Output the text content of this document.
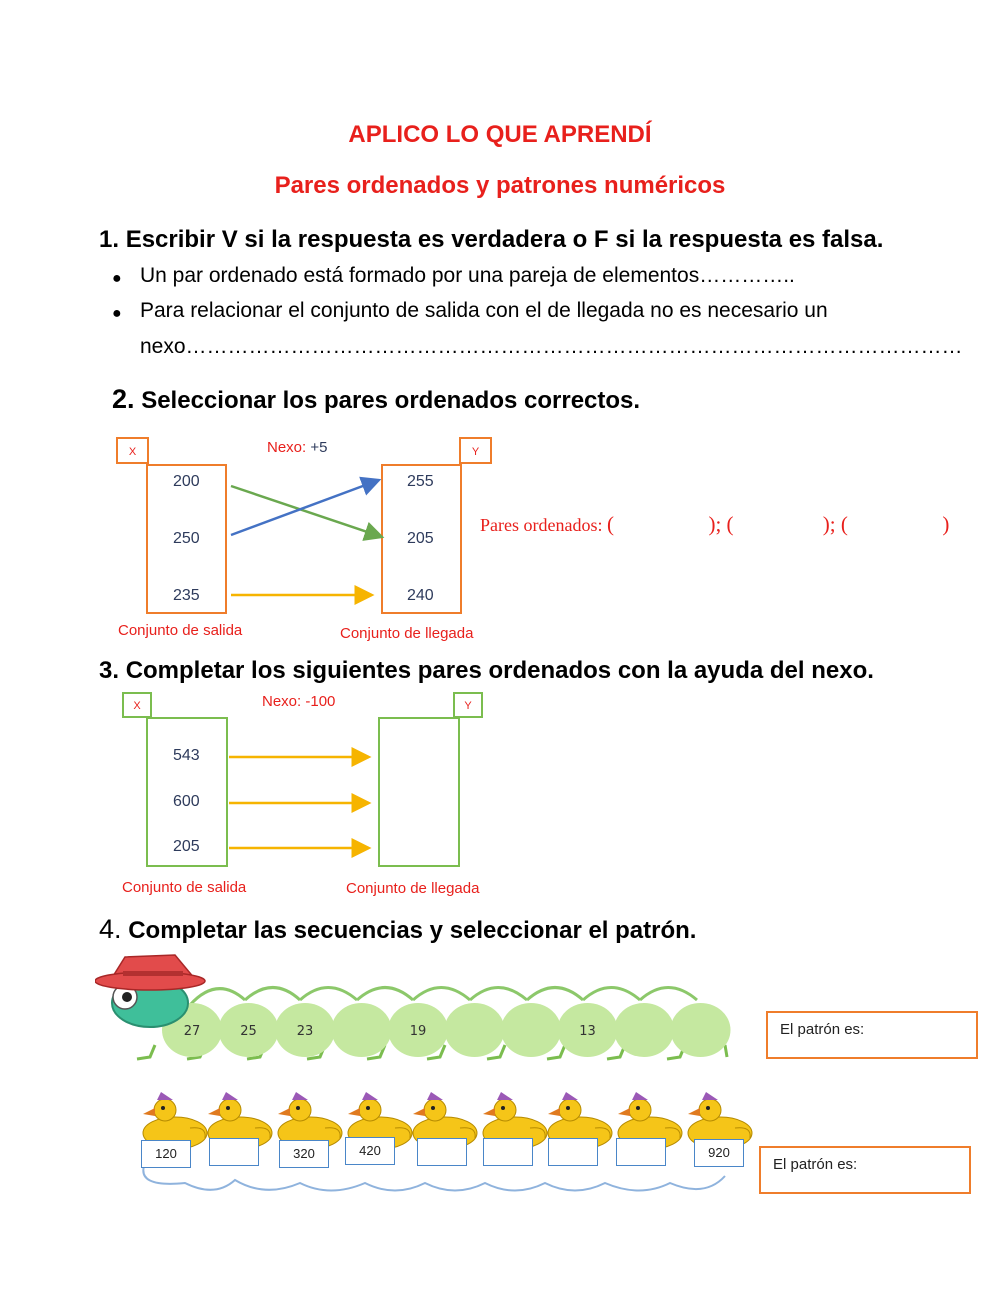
APLICO LO QUE APRENDÍ
Pares ordenados y patrones numéricos
1. Escribir V si la respuesta es verdadera o F si la respuesta es falsa.
● Un par ordenado está formado por una pareja de elementos…………..
● Para relacionar el conjunto de salida con el de llegada no es necesario un
nexo…………………………………………………………………………………………………
2. Seleccionar los pares ordenados correctos.
X	Y
Nexo: +5
200
250
235
255
205
240
Conjunto de salida	Conjunto de llegada
Pares ordenados: (                  ); (                 ); (                  )
3. Completar los siguientes pares ordenados con la ayuda del nexo.
X	Y
Nexo: -100
543
600
205
Conjunto de salida	Conjunto de llegada
4. Completar las secuencias y seleccionar el patrón.
27	25	23	19	13
120	320	420	920
El patrón es:
El patrón es:
